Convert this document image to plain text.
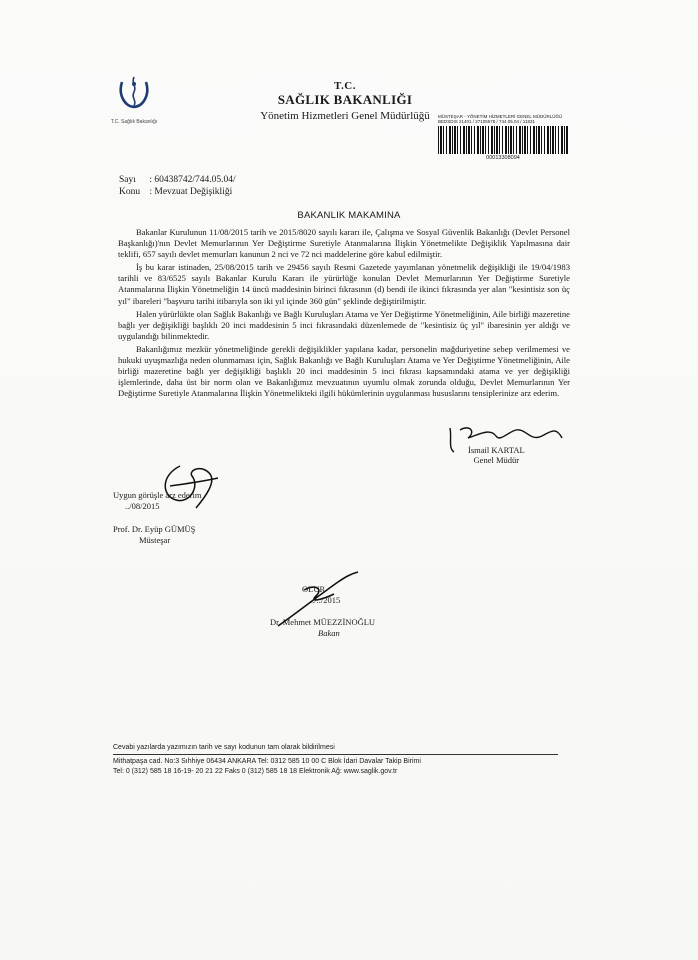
T.C. Sağlık Bakanlığı
T.C.
SAĞLIK BAKANLIĞI
Yönetim Hizmetleri Genel Müdürlüğü	MÜSTEŞAR - YÖNETİM HİZMETLERİ GENEL MÜDÜRLÜĞÜ
BEDSDIS 21401 / 27105578 / 744.05.04 / 11831
00013308094
Sayı : 60438742/744.05.04/
Konu : Mevzuat Değişikliği
BAKANLIK MAKAMINA

Bakanlar Kurulunun 11/08/2015 tarih ve 2015/8020 sayılı kararı ile, Çalışma ve Sosyal Güvenlik Bakanlığı (Devlet Personel Başkanlığı)'nın Devlet Memurlarının Yer Değiştirme Suretiyle Atanmalarına İlişkin Yönetmelikte Değişiklik Yapılmasına dair teklifi, 657 sayılı devlet memurları kanunun 2 nci ve 72 nci maddelerine göre kabul edilmiştir.

İş bu karar istinaden, 25/08/2015 tarih ve 29456 sayılı Resmi Gazetede yayımlanan yönetmelik değişikliği ile 19/04/1983 tarihli ve 83/6525 sayılı Bakanlar Kurulu Kararı ile yürürlüğe konulan Devlet Memurlarının Yer Değiştirme Suretiyle Atanmalarına İlişkin Yönetmeliğin 14 üncü maddesinin birinci fıkrasının (d) bendi ile ikinci fıkrasında yer alan "kesintisiz son üç yıl" ibareleri "başvuru tarihi itibarıyla son iki yıl içinde 360 gün" şeklinde değiştirilmiştir.

Halen yürürlükte olan Sağlık Bakanlığı ve Bağlı Kuruluşları Atama ve Yer Değiştirme Yönetmeliğinin, Aile birliği mazeretine bağlı yer değişikliği başlıklı 20 inci maddesinin 5 inci fıkrasındaki düzenlemede de "kesintisiz üç yıl" ibaresinin yer aldığı ve uygulandığı bilinmektedir.

Bakanlığımız mezkür yönetmeliğinde gerekli değişiklikler yapılana kadar, personelin mağduriyetine sebep verilmemesi ve hukuki uyuşmazlığa neden olunmaması için, Sağlık Bakanlığı ve Bağlı Kuruluşları Atama ve Yer Değiştirme Yönetmeliğinin, Aile birliği mazeretine bağlı yer değişikliği başlıklı 20 inci maddesinin 5 inci fıkrası kapsamındaki atama ve yer değişikliği işlemlerinde, daha üst bir norm olan ve Bakanlığımız mevzuatının uyumlu olmak zorunda olduğu, Devlet Memurlarının Yer Değiştirme Suretiyle Atanmalarına İlişkin Yönetmelikteki ilgili hükümlerinin uygulanması hususlarını tensiplerinize arz ederim.

İsmail KARTAL
Genel Müdür
Uygun görüşle arz ederim
../08/2015
Prof. Dr. Eyüp GÜMÜŞ
Müsteşar
OLUR
../../2015
Dr. Mehmet MÜEZZİNOĞLU
Bakan
Cevabi yazılarda yazımızın tarih ve sayı kodunun tam olarak bildirilmesi
Mithatpaşa cad. No:3 Sıhhiye 06434 ANKARA Tel: 0312 585 10 00 C Blok İdari Davalar Takip Birimi
Tel: 0 (312) 585 18 16-19- 20 21 22 Faks 0 (312) 585 18 18 Elektronik Ağ: www.saglik.gov.tr
